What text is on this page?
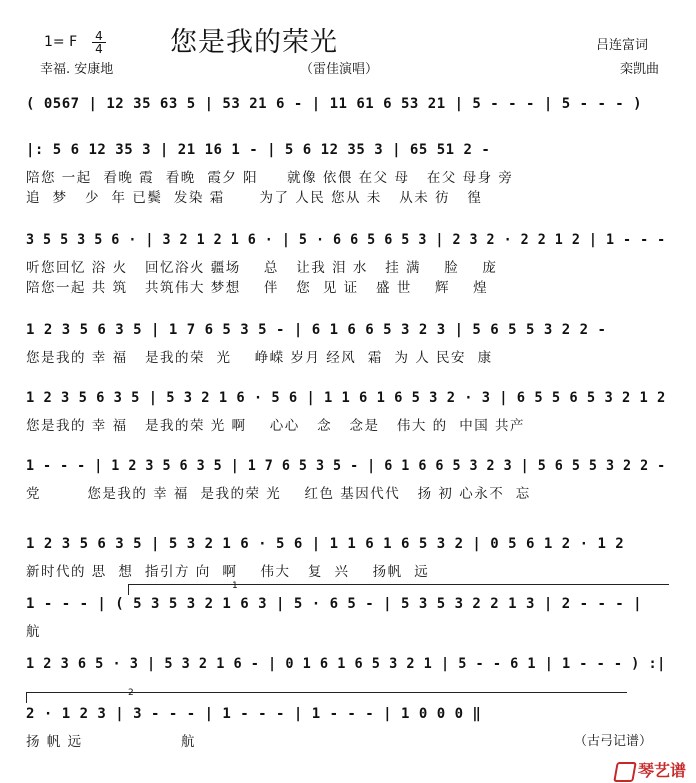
1= F 4
4 您是我的荣光	吕连富词
栾凯曲
幸福. 安康地	（雷佳演唱）
( 0567 | 12 35 63 5 | 53 21 6 - | 11 61 6 53 21 | 5 - - - | 5 - - - )
|: 5 6 12 35 3 | 21 16 1 - | 5 6 12 35 3 | 65 51 2 -
陪您 一起  看晚 霞  看晚  霞夕 阳     就像 依偎 在父 母   在父 母身 旁
追  梦   少  年 已鬓  发染 霜      为了 人民 您从 未   从未 彷   徨
3 5 5 3 5 6 · | 3 2 1 2 1 6 · | 5 · 6 6 5 6 5 3 | 2 3 2 · 2 2 1 2 | 1 - - -
听您回忆 浴 火   回忆浴火 疆场    总   让我 泪 水   挂 满    脸    庞
陪您一起 共 筑   共筑伟大 梦想    伴   您  见 证   盛 世    辉    煌
1 2 3 5 6 3 5 | 1 7 6 5 3 5 - | 6 1 6 6 5 3 2 3 | 5 6 5 5 3 2 2 -
您是我的 幸 福   是我的荣  光    峥嵘 岁月 经风  霜  为 人 民安  康
1 2 3 5 6 3 5 | 5 3 2 1 6 · 5 6 | 1 1 6 1 6 5 3 2 · 3 | 6 5 5 6 5 3 2 1 2
您是我的 幸 福   是我的荣 光 啊    心心   念   念是   伟大 的  中国 共产
1 - - - | 1 2 3 5 6 3 5 | 1 7 6 5 3 5 - | 6 1 6 6 5 3 2 3 | 5 6 5 5 3 2 2 -
党        您是我的 幸 福  是我的荣 光    红色 基因代代   扬 初 心永不  忘
1 2 3 5 6 3 5 | 5 3 2 1 6 · 5 6 | 1 1 6 1 6 5 3 2 | 0 5 6 1 2 · 1 2
新时代的 思  想  指引方 向  啊    伟大   复  兴    扬帆  远
1
1 - - - | ( 5 3 5 3 2 1 6 3 | 5 · 6 5 - | 5 3 5 3 2 2 1 3 | 2 - - - |
航
1 2 3 6 5 · 3 | 5 3 2 1 6 - | 0 1 6 1 6 5 3 2 1 | 5 - - 6 1 | 1 - - - ) :|
2
2 · 1 2 3 | 3 - - - | 1 - - - | 1 - - - | 1 0 0 0 ‖
扬 帆 远                 航	（古弓记谱）
琴艺谱
